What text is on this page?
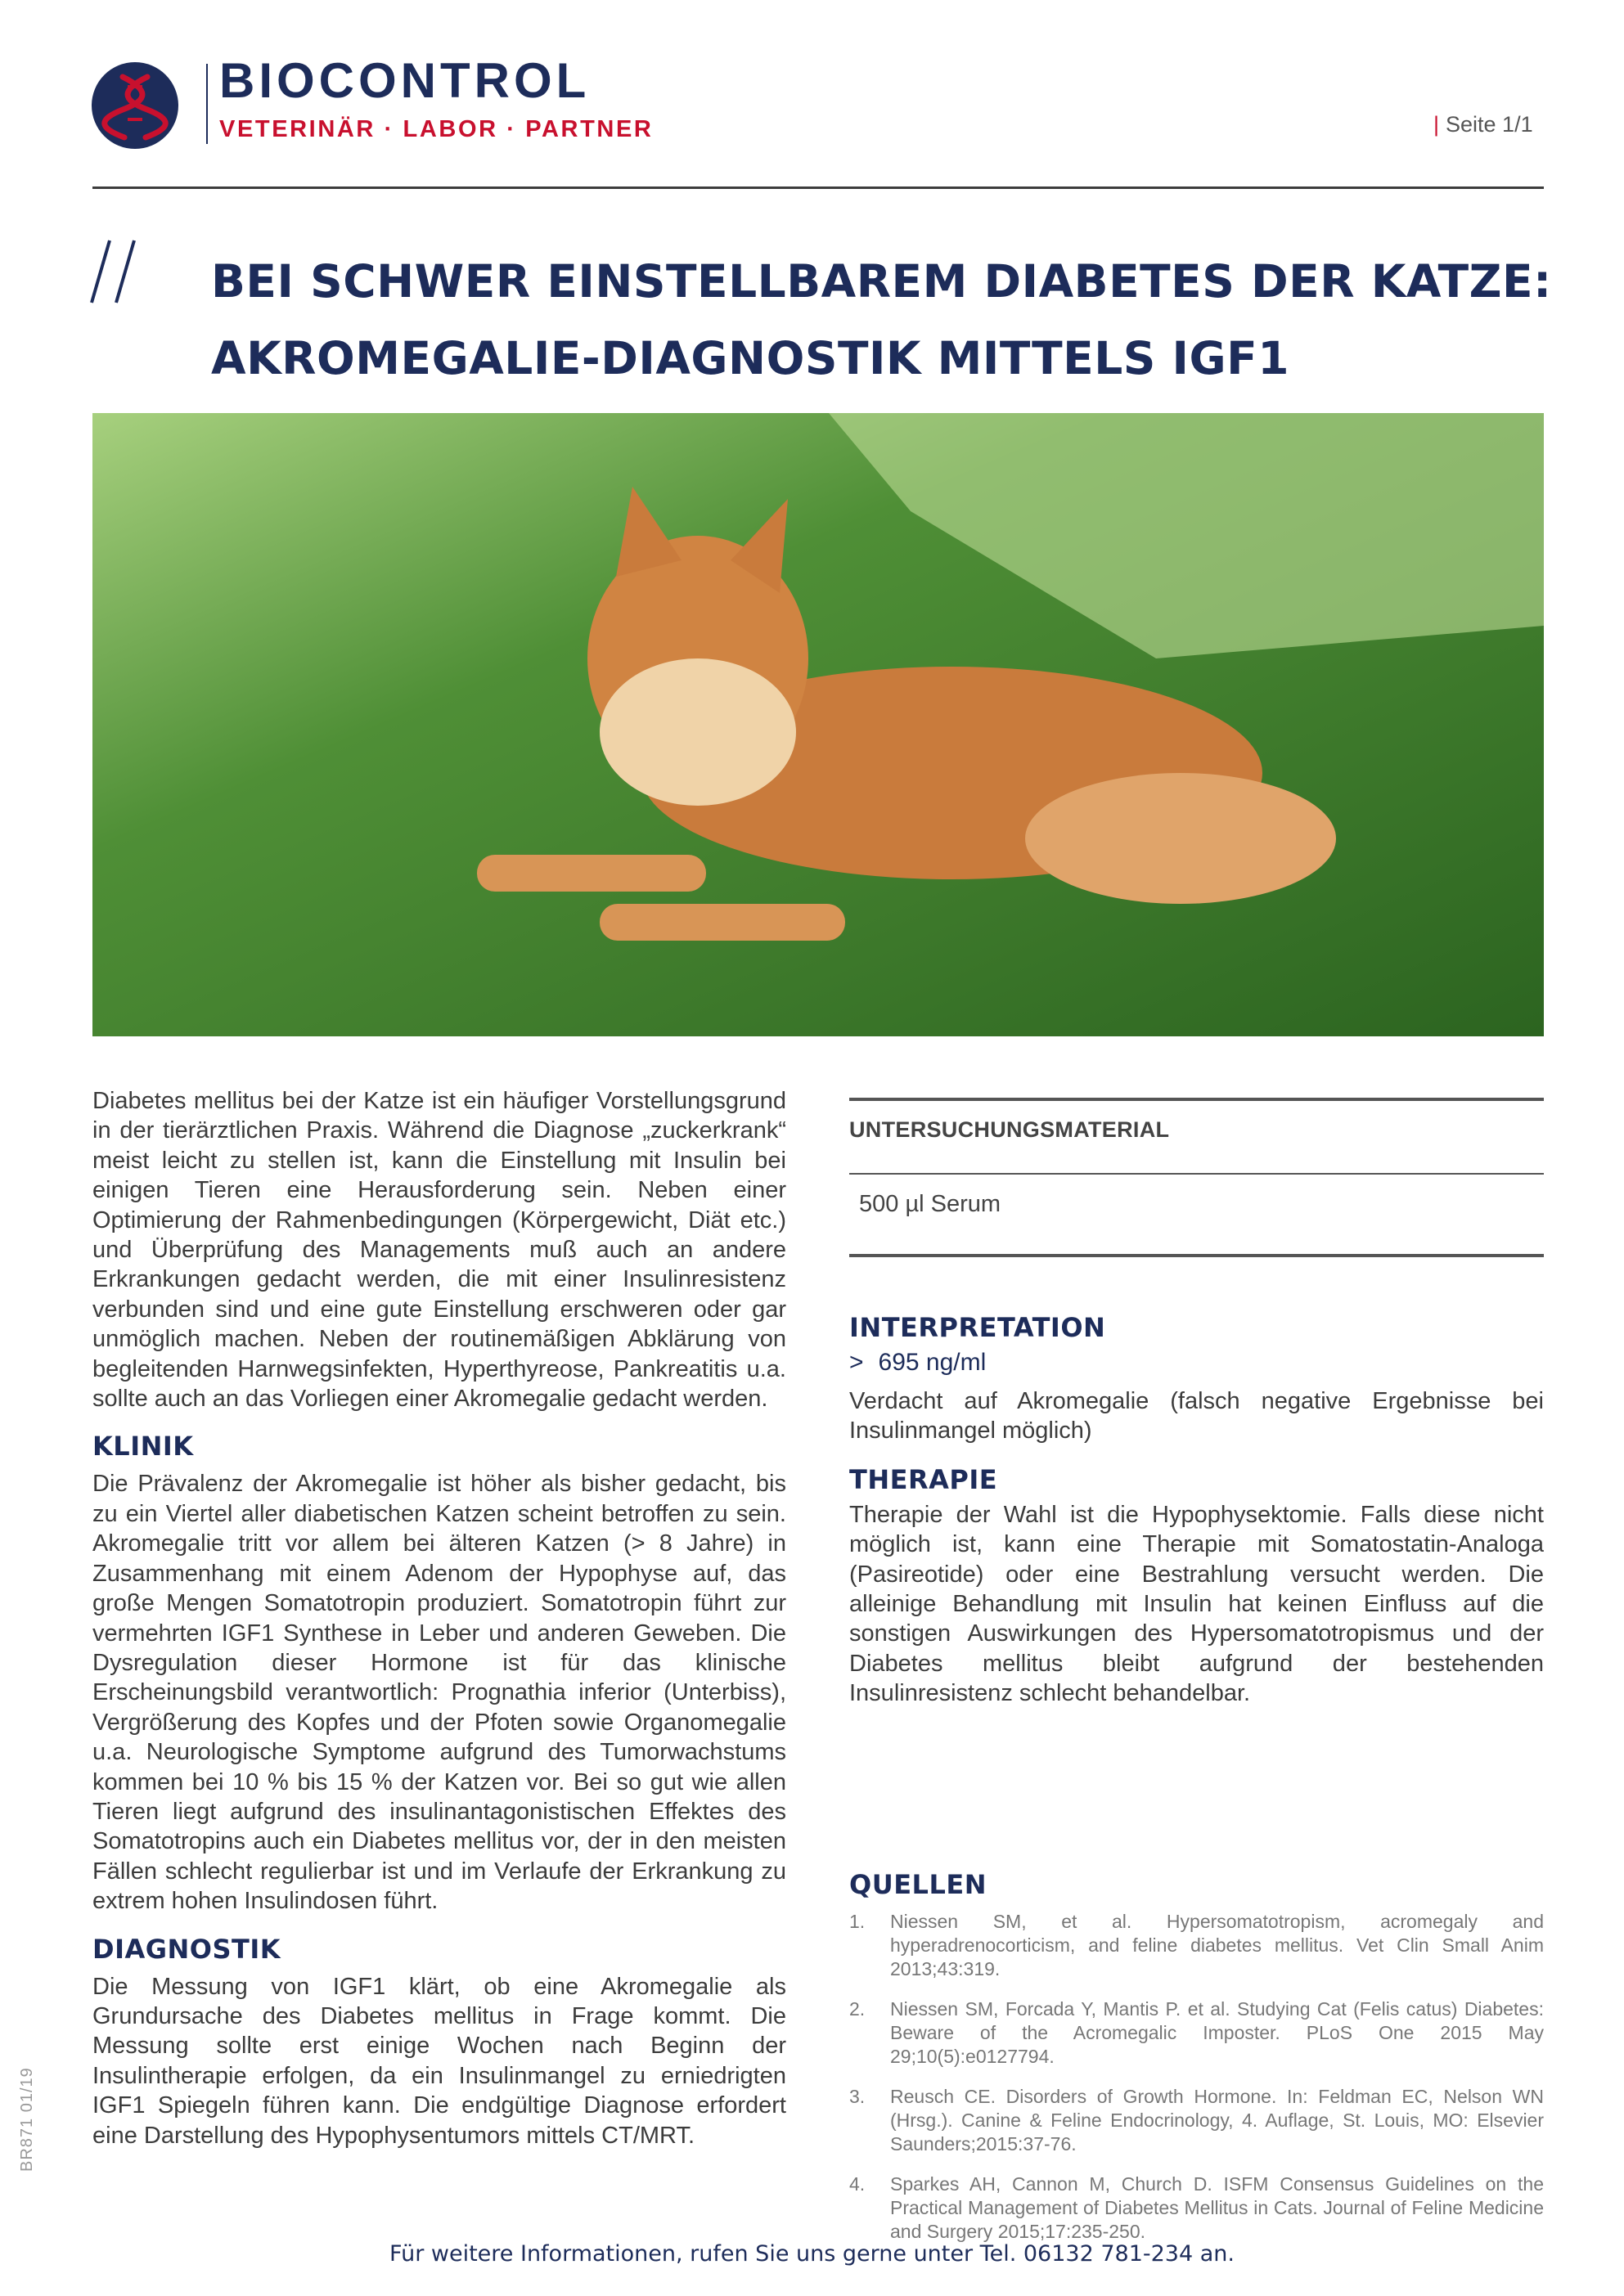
BIOCONTROL
VETERINÄR · LABOR · PARTNER	| Seite 1/1
BEI SCHWER EINSTELLBAREM DIABETES DER KATZE:
AKROMEGALIE-DIAGNOSTIK MITTELS IGF1

Diabetes mellitus bei der Katze ist ein häufiger Vorstellungsgrund in der tierärztlichen Praxis. Während die Diagnose „zuckerkrank“ meist leicht zu stellen ist, kann die Einstellung mit Insulin bei einigen Tieren eine Herausforderung sein. Neben einer Optimierung der Rahmenbedingungen (Körpergewicht, Diät etc.) und Überprüfung des Managements muß auch an andere Erkrankungen gedacht werden, die mit einer Insulinresistenz verbunden sind und eine gute Einstellung erschweren oder gar unmöglich machen. Neben der routinemäßigen Abklärung von begleitenden Harnwegsinfekten, Hyperthyreose, Pankreatitis u.a. sollte auch an das Vorliegen einer Akromegalie gedacht werden.

KLINIK

Die Prävalenz der Akromegalie ist höher als bisher gedacht, bis zu ein Viertel aller diabetischen Katzen scheint betroffen zu sein. Akromegalie tritt vor allem bei älteren Katzen (> 8 Jahre) in Zusammenhang mit einem Adenom der Hypophyse auf, das große Mengen Somatotropin produziert. Somatotropin führt zur vermehrten IGF1 Synthese in Leber und anderen Geweben. Die Dysregulation dieser Hormone ist für das klinische Erscheinungsbild verantwortlich: Prognathia inferior (Unterbiss), Vergrößerung des Kopfes und der Pfoten sowie Organomegalie u.a. Neurologische Symptome aufgrund des Tumorwachstums kommen bei 10 % bis 15 % der Katzen vor. Bei so gut wie allen Tieren liegt aufgrund des insulinantagonistischen Effektes des Somatotropins auch ein Diabetes mellitus vor, der in den meisten Fällen schlecht regulierbar ist und im Verlaufe der Erkrankung zu extrem hohen Insulindosen führt.

DIAGNOSTIK

Die Messung von IGF1 klärt, ob eine Akromegalie als Grundursache des Diabetes mellitus in Frage kommt. Die Messung sollte erst einige Wochen nach Beginn der Insulintherapie erfolgen, da ein Insulinmangel zu erniedrigten IGF1 Spiegeln führen kann. Die endgültige Diagnose erfordert eine Darstellung des Hypophysentumors mittels CT/MRT.

UNTERSUCHUNGSMATERIAL
500 µl Serum
INTERPRETATION
> 695 ng/ml

Verdacht auf Akromegalie (falsch negative Ergebnisse bei Insulinmangel möglich)

THERAPIE

Therapie der Wahl ist die Hypophysektomie. Falls diese nicht möglich ist, kann eine Therapie mit Somatostatin-Analoga (Pasireotide) oder eine Bestrahlung versucht werden. Die alleinige Behandlung mit Insulin hat keinen Einfluss auf die sonstigen Auswirkungen des Hypersomatotropismus und der Diabetes mellitus bleibt aufgrund der bestehenden Insulinresistenz schlecht behandelbar.

QUELLEN
1. Niessen SM, et al. Hypersomatotropism, acromegaly and hyperadrenocorticism, and feline diabetes mellitus. Vet Clin Small Anim 2013;43:319.
2. Niessen SM, Forcada Y, Mantis P. et al. Studying Cat (Felis catus) Diabetes: Beware of the Acromegalic Imposter. PLoS One 2015 May 29;10(5):e0127794.
3. Reusch CE. Disorders of Growth Hormone. In: Feldman EC, Nelson WN (Hrsg.). Canine & Feline Endocrinology, 4. Auflage, St. Louis, MO: Elsevier Saunders;2015:37-76.
4. Sparkes AH, Cannon M, Church D. ISFM Consensus Guidelines on the Practical Management of Diabetes Mellitus in Cats. Journal of Feline Medicine and Surgery 2015;17:235-250.
BR871 01/19
Für weitere Informationen, rufen Sie uns gerne unter Tel. 06132 781-234 an.
